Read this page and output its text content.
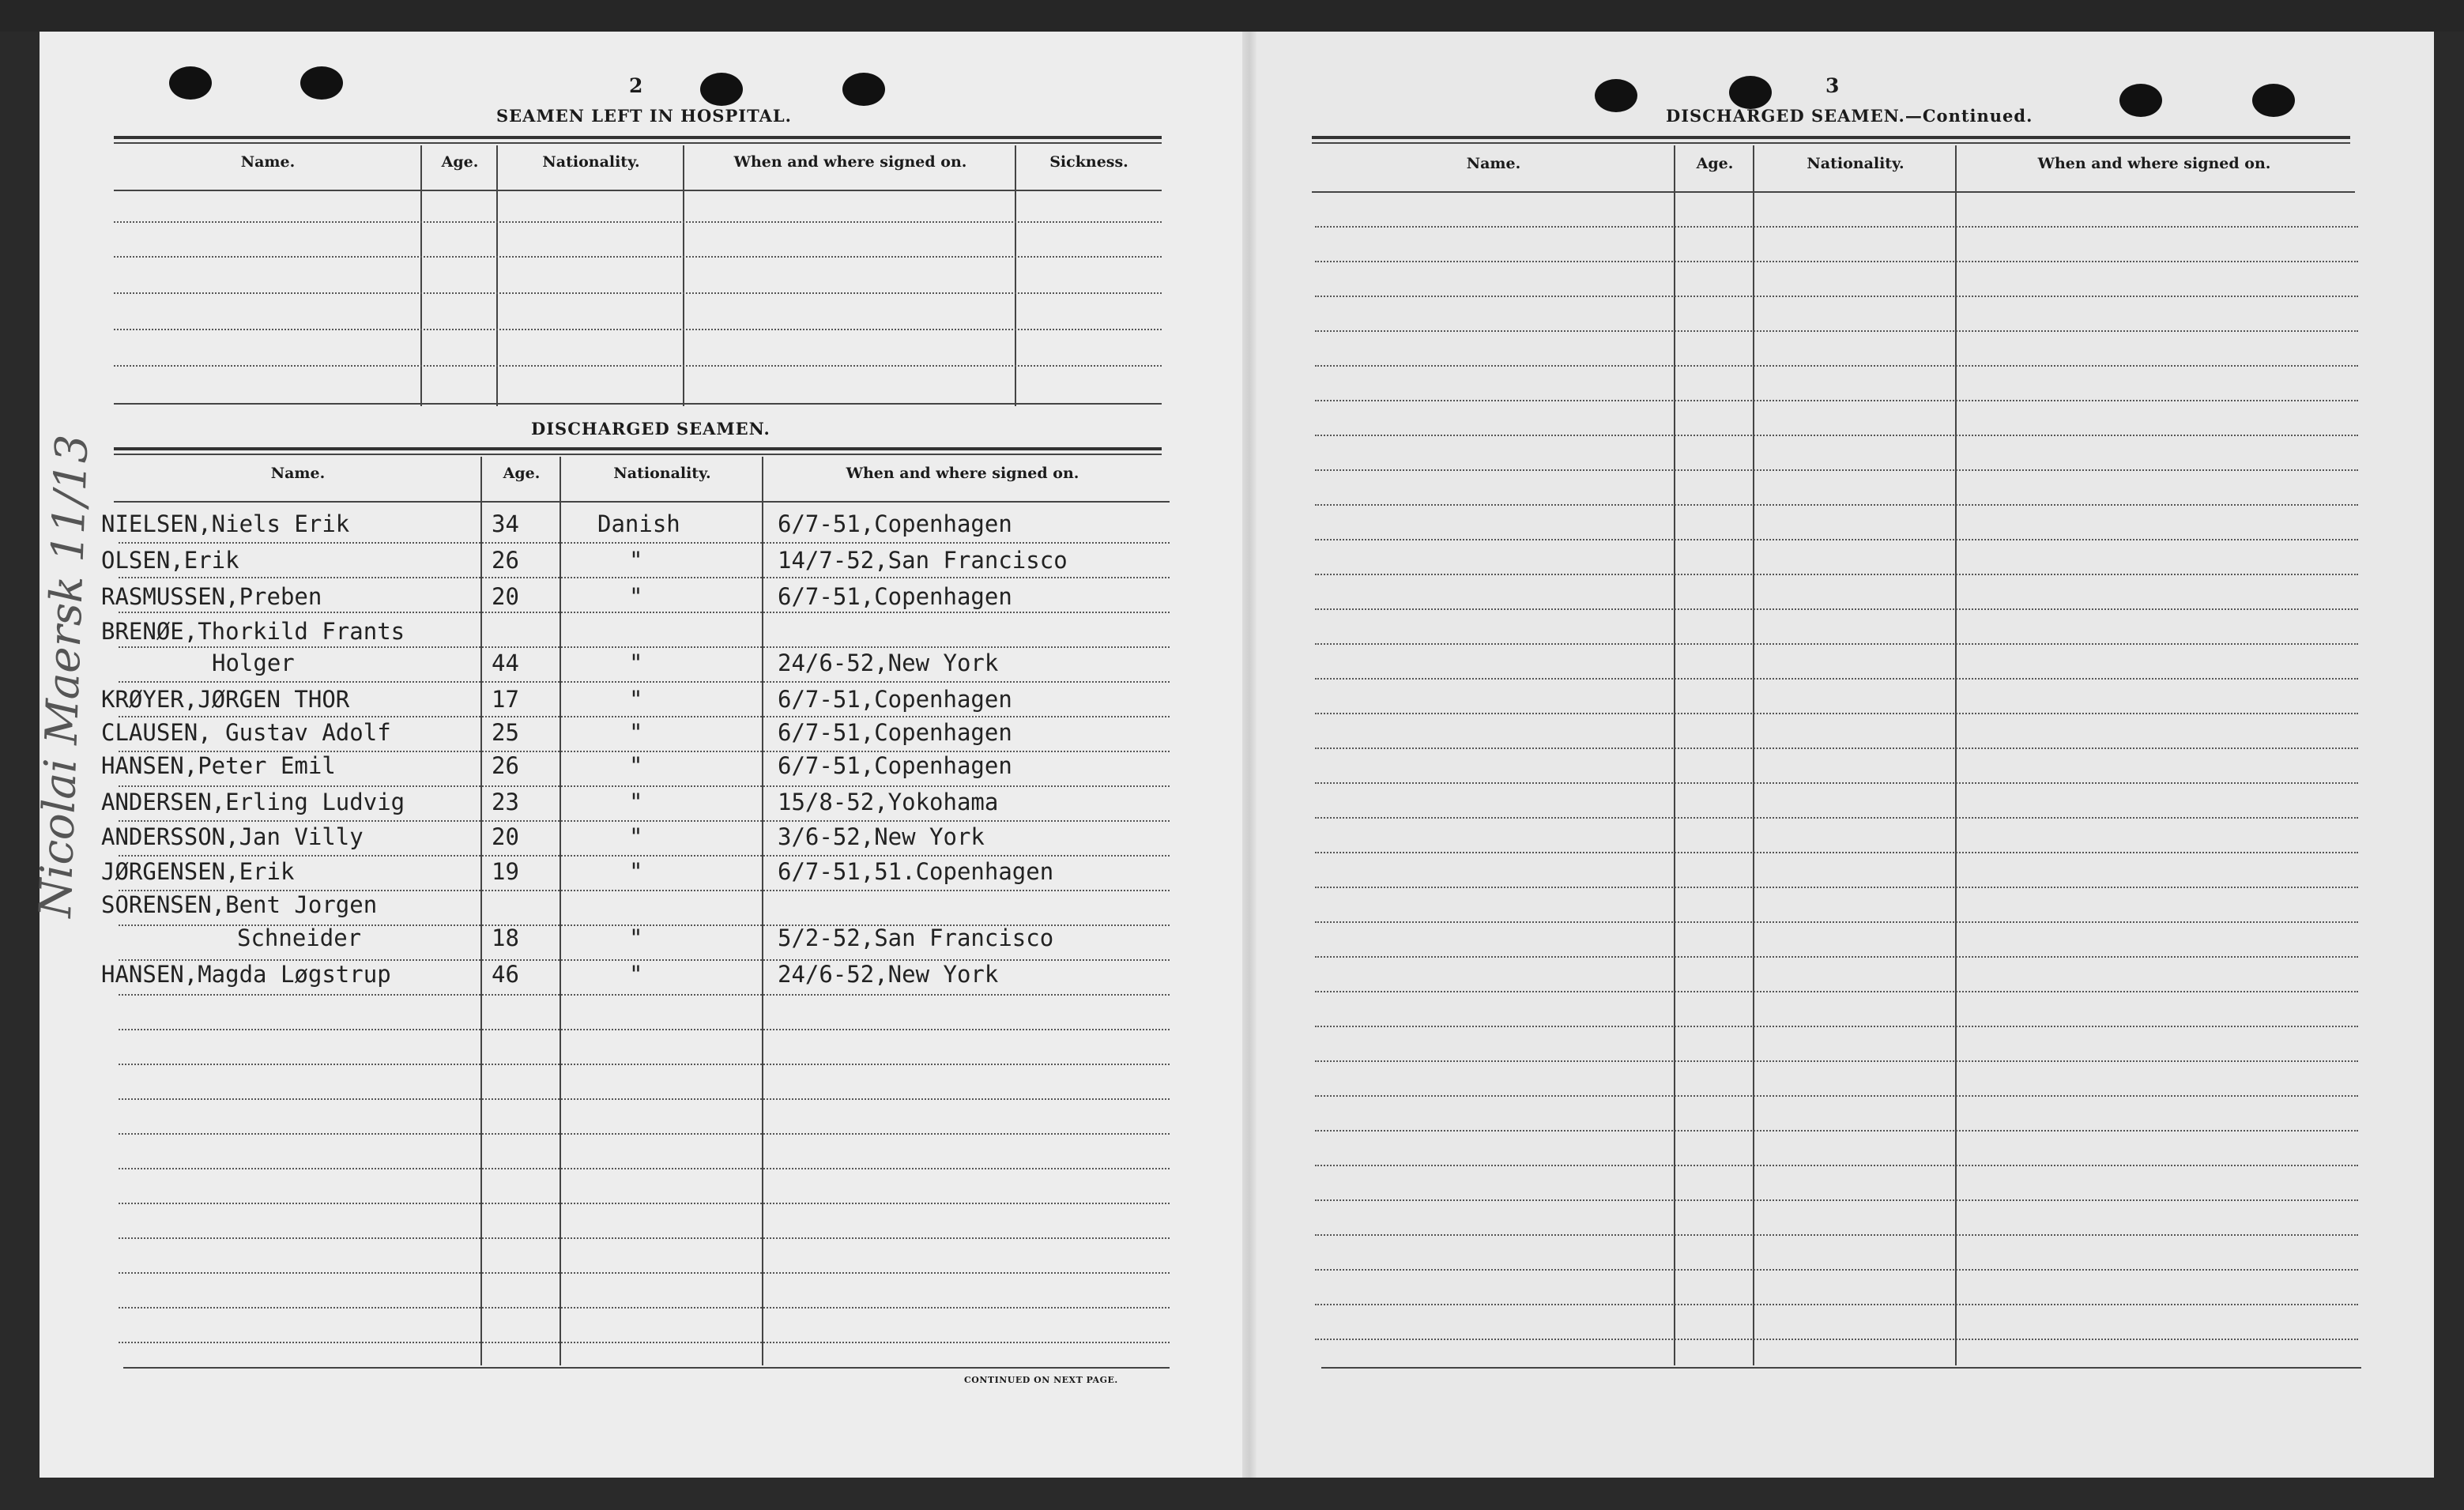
Nicolai Maersk 11/13
2
SEAMEN LEFT IN HOSPITAL.
Name.	Age.	Nationality.	When and where signed on.	Sickness.
DISCHARGED SEAMEN.
Name.	Age.	Nationality.	When and where signed on.
NIELSEN,Niels Erik	34	Danish	6/7-51,Copenhagen
OLSEN,Erik	26	"	14/7-52,San Francisco
RASMUSSEN,Preben	20	"	6/7-51,Copenhagen
BRENØE,Thorkild Frants
Holger	44	"	24/6-52,New York
KRØYER,JØRGEN THOR	17	"	6/7-51,Copenhagen
CLAUSEN, Gustav Adolf	25	"	6/7-51,Copenhagen
HANSEN,Peter Emil	26	"	6/7-51,Copenhagen
ANDERSEN,Erling Ludvig	23	"	15/8-52,Yokohama
ANDERSSON,Jan Villy	20	"	3/6-52,New York
JØRGENSEN,Erik	19	"	6/7-51,51.Copenhagen
SORENSEN,Bent Jorgen
Schneider	18	"	5/2-52,San Francisco
HANSEN,Magda Løgstrup	46	"	24/6-52,New York
CONTINUED ON NEXT PAGE.
3
DISCHARGED SEAMEN.—Continued.
Name.	Age.	Nationality.	When and where signed on.
